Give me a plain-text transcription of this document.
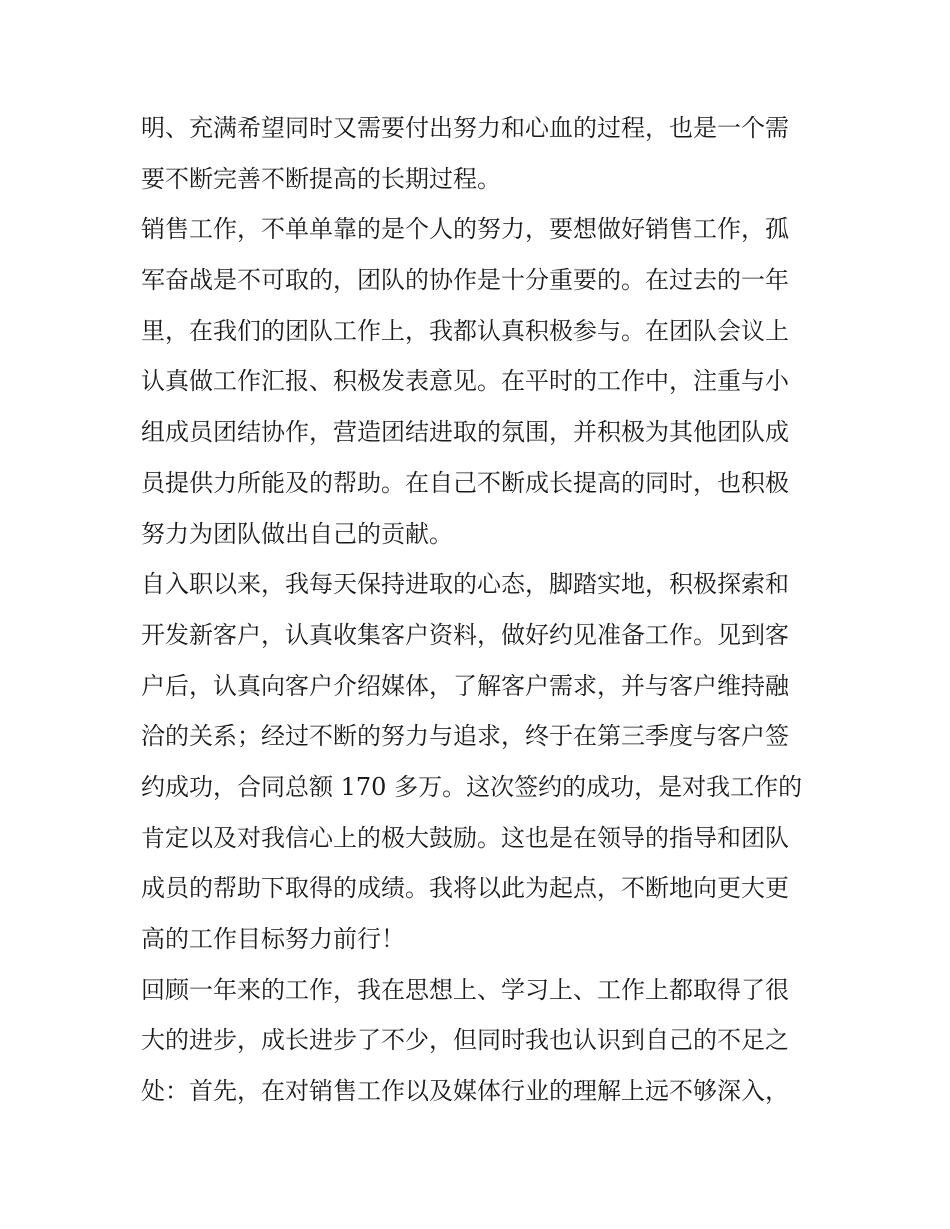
明、充满希望同时又需要付出努力和心血的过程，也是一个需
要不断完善不断提高的长期过程。
销售工作，不单单靠的是个人的努力，要想做好销售工作，孤
军奋战是不可取的，团队的协作是十分重要的。在过去的一年
里，在我们的团队工作上，我都认真积极参与。在团队会议上
认真做工作汇报、积极发表意见。在平时的工作中，注重与小
组成员团结协作，营造团结进取的氛围，并积极为其他团队成
员提供力所能及的帮助。在自己不断成长提高的同时，也积极
努力为团队做出自己的贡献。
自入职以来，我每天保持进取的心态，脚踏实地，积极探索和
开发新客户，认真收集客户资料，做好约见准备工作。见到客
户后，认真向客户介绍媒体，了解客户需求，并与客户维持融
洽的关系；经过不断的努力与追求，终于在第三季度与客户签
约成功，合同总额 170 多万。这次签约的成功，是对我工作的
肯定以及对我信心上的极大鼓励。这也是在领导的指导和团队
成员的帮助下取得的成绩。我将以此为起点，不断地向更大更
高的工作目标努力前行！
回顾一年来的工作，我在思想上、学习上、工作上都取得了很
大的进步，成长进步了不少，但同时我也认识到自己的不足之
处：首先，在对销售工作以及媒体行业的理解上远不够深入，
